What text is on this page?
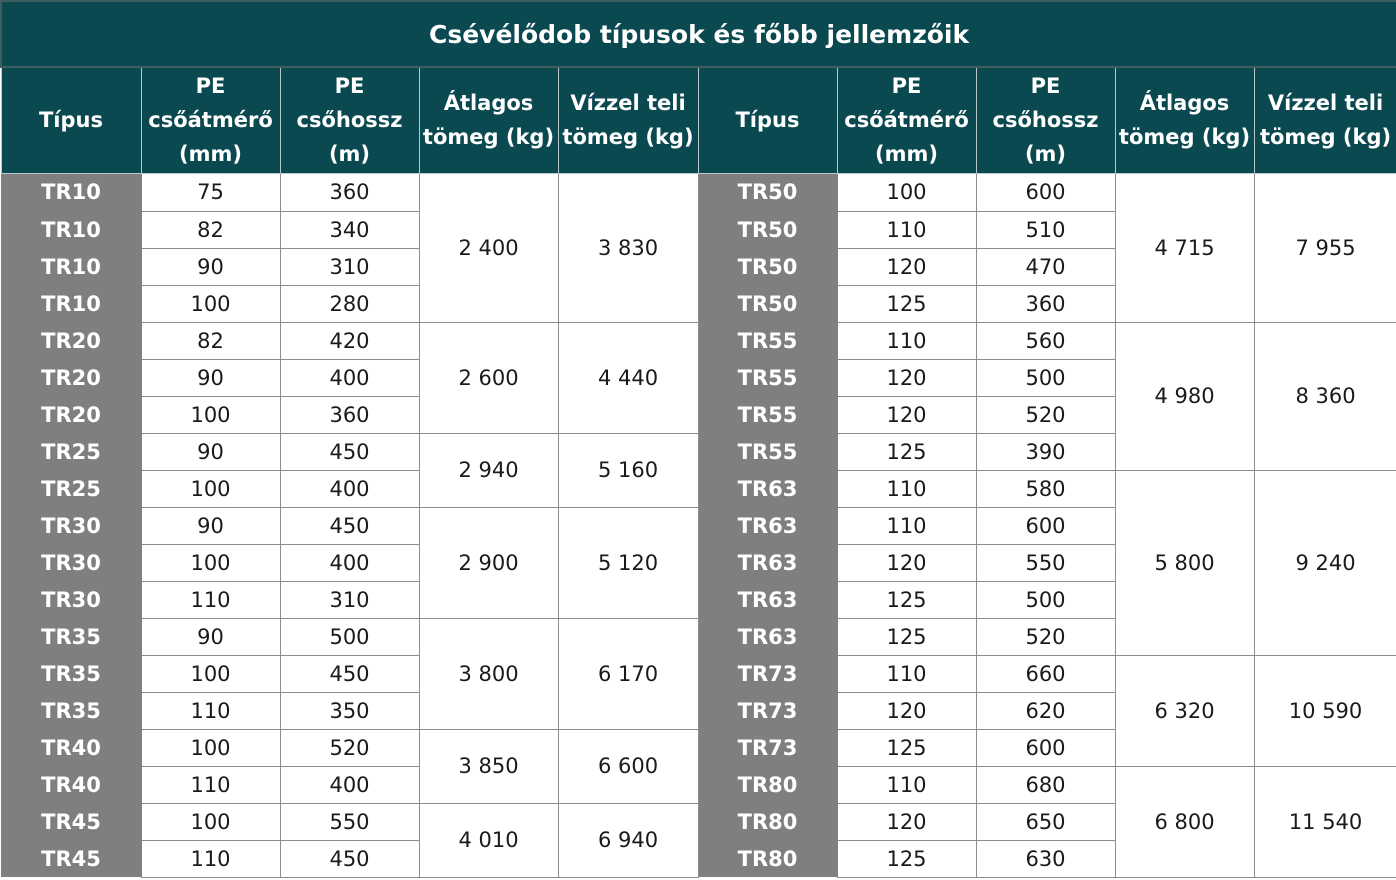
Csévélődob típusok és főbb jellemzőik									
Típus	PE csőátmérő (mm)	PE csőhossz (m)	Átlagos tömeg (kg)	Vízzel teli tömeg (kg)	Típus	PE csőátmérő (mm)	PE csőhossz (m)	Átlagos tömeg (kg)	Vízzel teli tömeg (kg)
TR10	75	360	2 400	3 830	TR50	100	600	4 715	7 955
TR10	82	340			TR50	110	510		
TR10	90	310			TR50	120	470		
TR10	100	280			TR50	125	360		
TR20	82	420	2 600	4 440	TR55	110	560	4 980	8 360
TR20	90	400			TR55	120	500		
TR20	100	360			TR55	120	520		
TR25	90	450	2 940	5 160	TR55	125	390		
TR25	100	400			TR63	110	580	5 800	9 240
TR30	90	450	2 900	5 120	TR63	110	600		
TR30	100	400			TR63	120	550		
TR30	110	310			TR63	125	500		
TR35	90	500	3 800	6 170	TR63	125	520		
TR35	100	450			TR73	110	660	6 320	10 590
TR35	110	350			TR73	120	620		
TR40	100	520	3 850	6 600	TR73	125	600		
TR40	110	400			TR80	110	680	6 800	11 540
TR45	100	550	4 010	6 940	TR80	120	650		
TR45	110	450			TR80	125	630		
